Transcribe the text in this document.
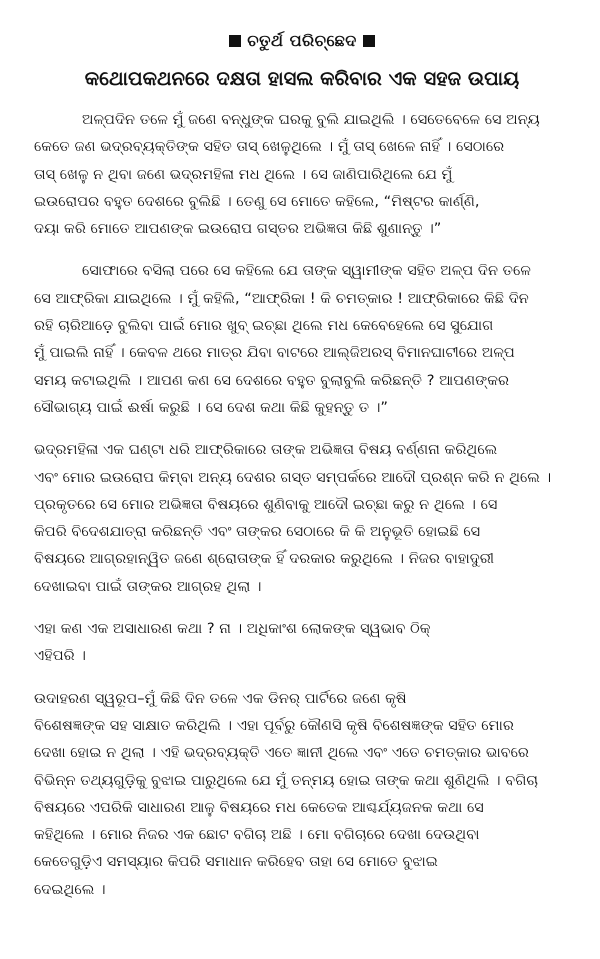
ଚତୁର୍ଥ ପରିଚ୍ଛେଦ
କଥୋପକଥନରେ ଦକ୍ଷତା ହାସଲ କରିବାର ଏକ ସହଜ ଉପାୟ
ଅଳ୍ପଦିନ ତଳେ ମୁଁ ଜଣେ ବନ୍ଧୁଙ୍କ ଘରକୁ ବୁଲି ଯାଇଥିଲି । ସେତେବେଳେ ସେ ଅନ୍ୟ
କେତେ ଜଣ ଭଦ୍ରବ୍ୟକ୍ତିଙ୍କ ସହିତ ତାସ୍ ଖେଳୁଥିଲେ । ମୁଁ ତାସ୍ ଖେଳେ ନାହିଁ । ସେଠାରେ
ତାସ୍ ଖେଳୁ ନ ଥିବା ଜଣେ ଭଦ୍ରମହିଳା ମଧ ଥିଲେ । ସେ ଜାଣିପାରିଥିଲେ ଯେ ମୁଁ
ଇଉରୋପର ବହୁତ ଦେଶରେ ବୁଲିଛି । ତେଣୁ ସେ ମୋତେ କହିଲେ, “ମିଷ୍ଟର କାର୍ଣ୍ଣି,
ଦୟା କରି ମୋତେ ଆପଣଙ୍କ ଇଉରୋପ ଗସ୍ତର ଅଭିଜ୍ଞତା କିଛି ଶୁଣାନ୍ତୁ ।”
ସୋଫାରେ ବସିଲା ପରେ ସେ କହିଲେ ଯେ ତାଙ୍କ ସ୍ୱାମୀଙ୍କ ସହିତ ଅଳ୍ପ ଦିନ ତଳେ
ସେ ଆଫ୍ରିକା ଯାଇଥିଲେ । ମୁଁ କହିଲି, “ଆଫ୍ରିକା ! କି ଚମତ୍କାର ! ଆଫ୍ରିକାରେ କିଛି ଦିନ
ରହି ଚାରିଆଡ଼େ ବୁଲିବା ପାଇଁ ମୋର ଖୁବ୍ ଇଚ୍ଛା ଥିଲେ ମଧ କେବେହେଲେ ସେ ସୁଯୋଗ
ମୁଁ ପାଇଲି ନାହିଁ । କେବଳ ଥରେ ମାତ୍ର ଯିବା ବାଟରେ ଆଲ୍‌ଜିଅରସ୍ ବିମାନଘାଟୀରେ ଅଳ୍ପ
ସମୟ କଟାଇଥିଲି । ଆପଣ କଣ ସେ ଦେଶରେ ବହୁତ ବୁଲାବୁଲି କରିଛନ୍ତି ? ଆପଣଙ୍କର
ସୌଭାଗ୍ୟ ପାଇଁ ଈର୍ଷା କରୁଛି । ସେ ଦେଶ କଥା କିଛି କୁହନ୍ତୁ ତ ।”
ଭଦ୍ରମହିଳା ଏକ ଘଣ୍ଟା ଧରି ଆଫ୍ରିକାରେ ତାଙ୍କ ଅଭିଜ୍ଞତା ବିଷୟ ବର୍ଣ୍ଣନା କରିଥିଲେ
ଏବଂ ମୋର ଇଉରୋପ କିମ୍ବା ଅନ୍ୟ ଦେଶର ଗସ୍ତ ସମ୍ପର୍କରେ ଆଦୌ ପ୍ରଶ୍ନ କରି ନ ଥିଲେ ।
ପ୍ରକୃତରେ ସେ ମୋର ଅଭିଜ୍ଞତା ବିଷୟରେ ଶୁଣିବାକୁ ଆଦୌ ଇଚ୍ଛା କରୁ ନ ଥିଲେ । ସେ
କିପରି ବିଦେଶଯାତ୍ରା କରିଛନ୍ତି ଏବଂ ତାଙ୍କର ସେଠାରେ କି କି ଅନୁଭୂତି ହୋଇଛି ସେ
ବିଷୟରେ ଆଗ୍ରହାନ୍ୱିତ ଜଣେ ଶ୍ରୋତାଙ୍କ ହିଁ ଦରକାର କରୁଥିଲେ । ନିଜର ବାହାଦୁରୀ
ଦେଖାଇବା ପାଇଁ ତାଙ୍କର ଆଗ୍ରହ ଥିଲା ।
ଏହା କଣ ଏକ ଅସାଧାରଣ କଥା ? ନା । ଅଧିକାଂଶ ଲୋକଙ୍କ ସ୍ୱଭାବ ଠିକ୍
ଏହିପରି ।
ଉଦାହରଣ ସ୍ୱରୂପ–ମୁଁ କିଛି ଦିନ ତଳେ ଏକ ଡିନର୍ ପାର୍ଟିରେ ଜଣେ କୃଷି
ବିଶେଷଜ୍ଞଙ୍କ ସହ ସାକ୍ଷାତ କରିଥିଲି । ଏହା ପୂର୍ବରୁ କୌଣସି କୃଷି ବିଶେଷଜ୍ଞଙ୍କ ସହିତ ମୋର
ଦେଖା ହୋଇ ନ ଥିଲା । ଏହି ଭଦ୍ରବ୍ୟକ୍ତି ଏତେ ଜ୍ଞାନୀ ଥିଲେ ଏବଂ ଏତେ ଚମତ୍କାର ଭାବରେ
ବିଭିନ୍ନ ତଥ୍ୟଗୁଡ଼ିକୁ ବୁଝାଇ ପାରୁଥିଲେ ଯେ ମୁଁ ତନ୍ମୟ ହୋଇ ତାଙ୍କ କଥା ଶୁଣିଥିଲି । ବଗିଚା
ବିଷୟରେ ଏପରିକି ସାଧାରଣ ଆଳୁ ବିଷୟରେ ମଧ କେତେକ ଆଶ୍ଚର୍ଯ୍ୟଜନକ କଥା ସେ
କହିଥିଲେ । ମୋର ନିଜର ଏକ ଛୋଟ ବଗିଚା ଅଛି । ମୋ ବଗିଚାରେ ଦେଖା ଦେଉଥିବା
କେତେଗୁଡ଼ିଏ ସମସ୍ୟାର କିପରି ସମାଧାନ କରିହେବ ତାହା ସେ ମୋତେ ବୁଝାଇ
ଦେଇଥିଲେ ।
